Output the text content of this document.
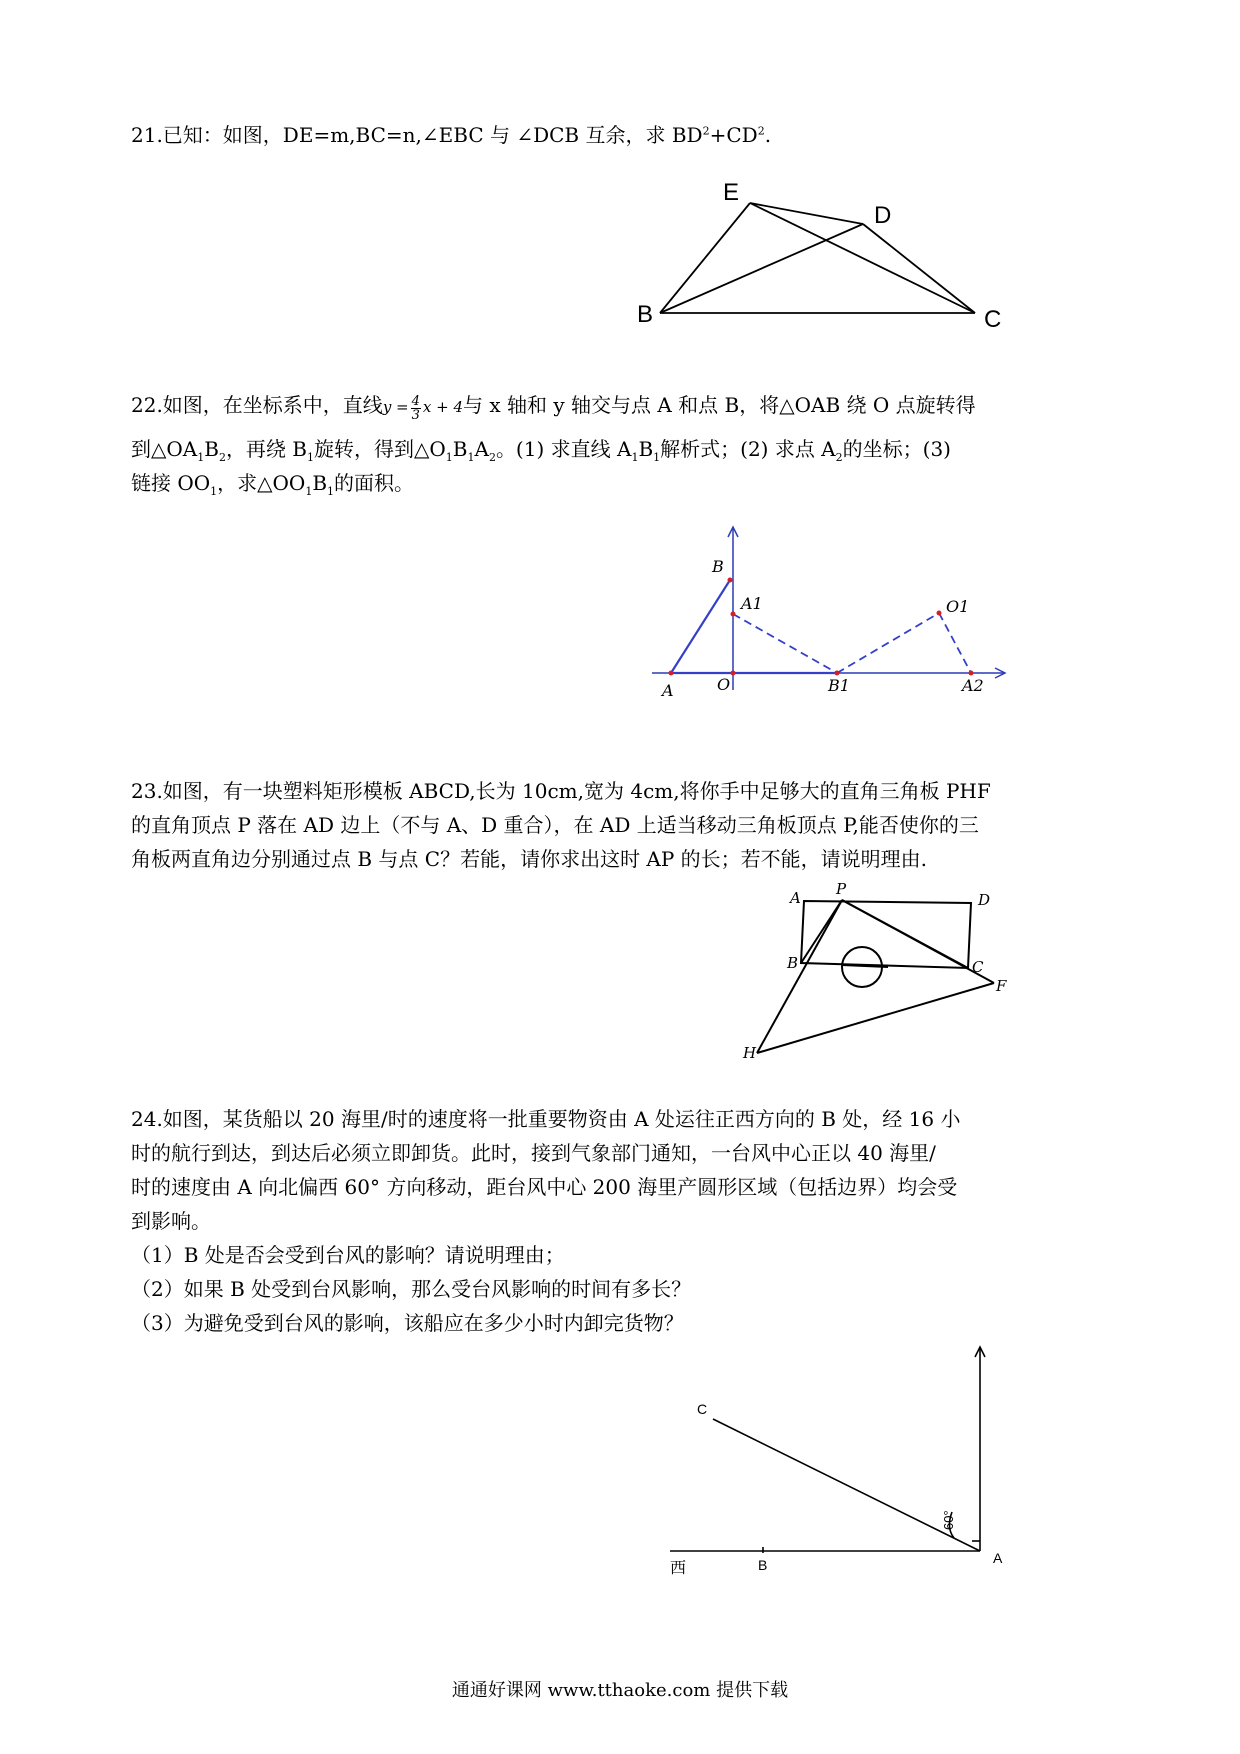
21.已知：如图，DE=m,BC=n,∠EBC 与 ∠DCB 互余，求 $BD^2+CD^2$.

E
D
B	C

22.如图，在坐标系中，直线$y = \frac{4}{3}$ x + 4与 x 轴和 y 轴交与点 A 和点 B，将△OAB 绕 O 点旋转得
到$\triangle OA_1B_2$，再绕 $B_1$旋转，得到$\triangle O_1B_1A_2$。(1) 求直线 $A_1B_1$解析式；(2) 求点 $A_2$的坐标；(3)
链接 $OO_1$，求$\triangle OO_1B_1$的面积。

B
A1	O1
A	O	B1	A2

23.如图，有一块塑料矩形模板 ABCD,长为 10cm,宽为 4cm,将你手中足够大的直角三角板 PHF
的直角顶点 P 落在 AD 边上（不与 A、D 重合），在 AD 上适当移动三角板顶点 P,能否使你的三
角板两直角边分别通过点 B 与点 C？若能，请你求出这时 AP 的长；若不能，请说明理由.

A P
D
B	C
F
H

24.如图，某货船以 20 海里/时的速度将一批重要物资由 A 处运往正西方向的 B 处，经 16 小
时的航行到达，到达后必须立即卸货。此时，接到气象部门通知，一台风中心正以 40 海里/
时的速度由 A 向北偏西 60° 方向移动，距台风中心 200 海里产圆形区域（包括边界）均会受
到影响。
（1）B 处是否会受到台风的影响？请说明理由；
（2）如果 B 处受到台风影响，那么受台风影响的时间有多长？
（3）为避免受到台风的影响，该船应在多少小时内卸完货物？

C
A
B
西
60°
通通好课网 www.tthaoke.com 提供下载
